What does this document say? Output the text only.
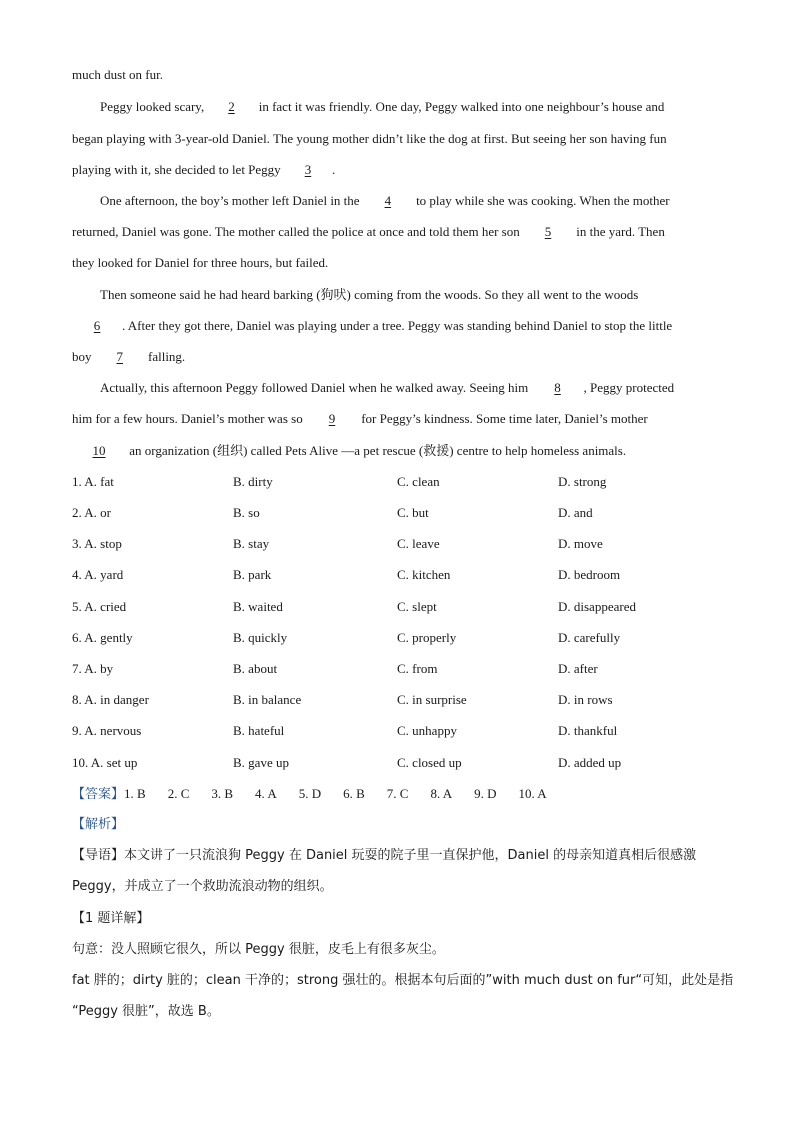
much dust on fur.
Peggy looked scary, 2 in fact it was friendly. One day, Peggy walked into one neighbour’s house and
began playing with 3-year-old Daniel. The young mother didn’t like the dog at first. But seeing her son having fun
playing with it, she decided to let Peggy 3 .
One afternoon, the boy’s mother left Daniel in the 4 to play while she was cooking. When the mother
returned, Daniel was gone. The mother called the police at once and told them her son 5 in the yard. Then
they looked for Daniel for three hours, but failed.
Then someone said he had heard barking (狗吠) coming from the woods. So they all went to the woods
6 . After they got there, Daniel was playing under a tree. Peggy was standing behind Daniel to stop the little
boy 7 falling.
Actually, this afternoon Peggy followed Daniel when he walked away. Seeing him 8 , Peggy protected
him for a few hours. Daniel’s mother was so 9 for Peggy’s kindness. Some time later, Daniel’s mother
10 an organization (组织) called Pets Alive —a pet rescue (救援) centre to help homeless animals.
1. A. fat	B. dirty	C. clean	D. strong
2. A. or	B. so	C. but	D. and
3. A. stop	B. stay	C. leave	D. move
4. A. yard	B. park	C. kitchen	D. bedroom
5. A. cried	B. waited	C. slept	D. disappeared
6. A. gently	B. quickly	C. properly	D. carefully
7. A. by	B. about	C. from	D. after
8. A. in danger	B. in balance	C. in surprise	D. in rows
9. A. nervous	B. hateful	C. unhappy	D. thankful
10. A. set up	B. gave up	C. closed up	D. added up
【答案】1. B 2. C 3. B 4. A 5. D 6. B 7. C 8. A 9. D 10. A
【解析】
【导语】本文讲了一只流浪狗 Peggy 在 Daniel 玩耍的院子里一直保护他，Daniel 的母亲知道真相后很感激
Peggy，并成立了一个救助流浪动物的组织。
【1 题详解】
句意：没人照顾它很久，所以 Peggy 很脏，皮毛上有很多灰尘。
fat 胖的；dirty 脏的；clean 干净的；strong 强壮的。根据本句后面的”with much dust on fur“可知，此处是指
“Peggy 很脏”，故选 B。
